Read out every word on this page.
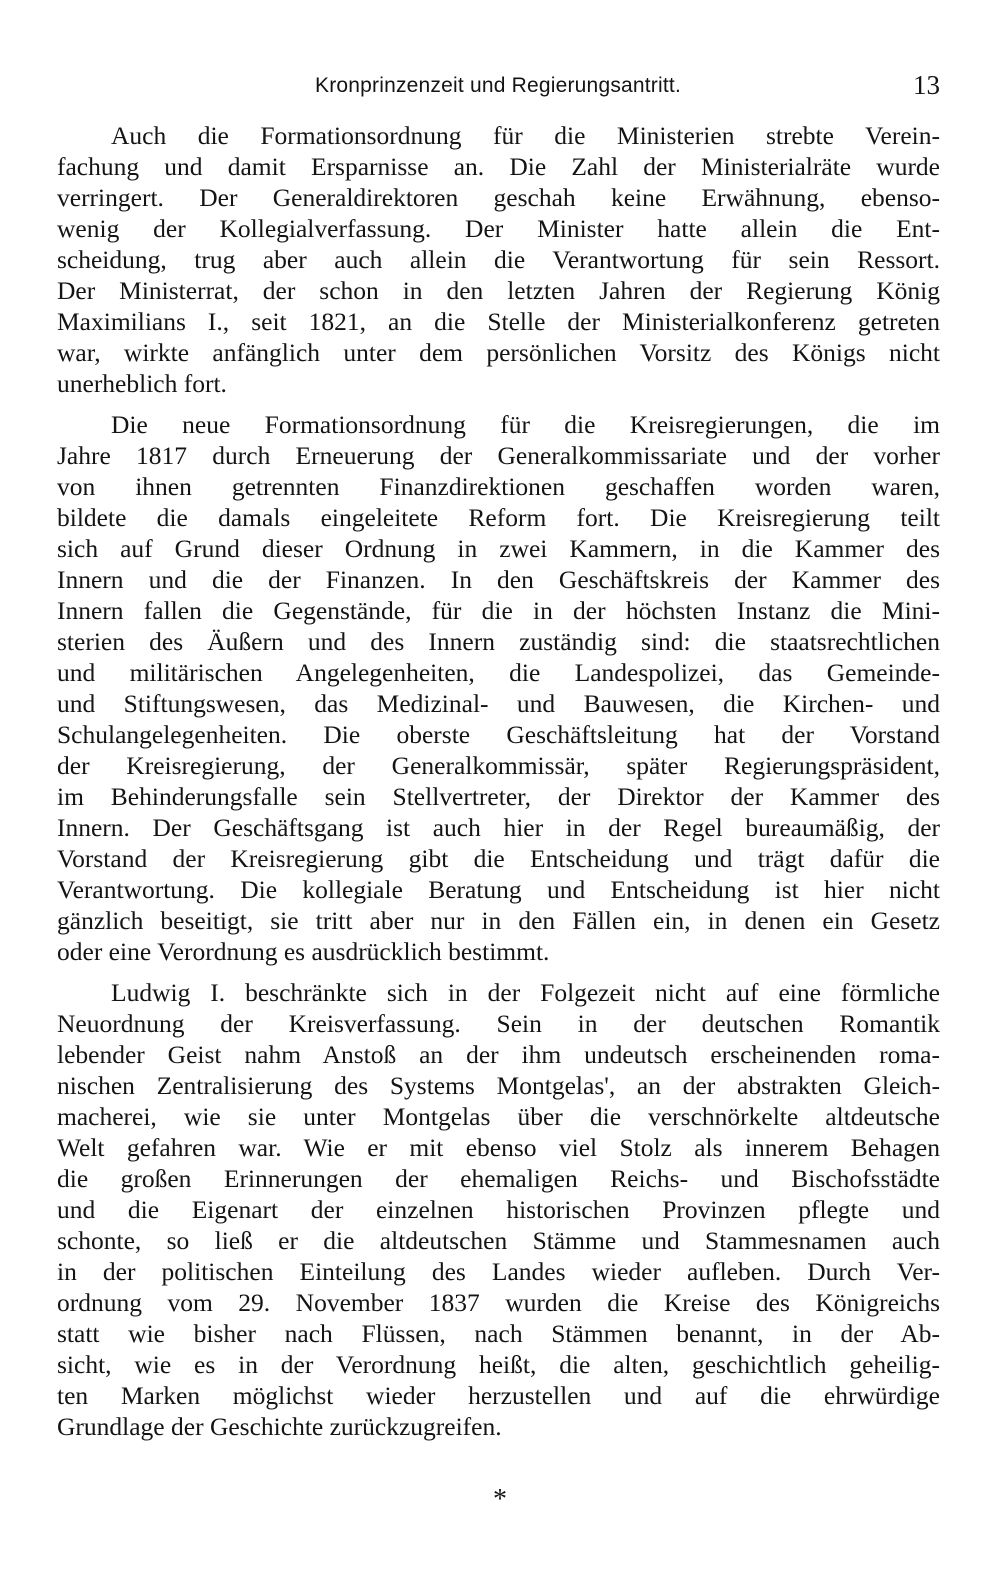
Kronprinzenzeit und Regierungsantritt.	13
Auch die Formationsordnung für die Ministerien strebte Verein-
fachung und damit Ersparnisse an. Die Zahl der Ministerialräte wurde
verringert. Der Generaldirektoren geschah keine Erwähnung, ebenso-
wenig der Kollegialverfassung. Der Minister hatte allein die Ent-
scheidung, trug aber auch allein die Verantwortung für sein Ressort.
Der Ministerrat, der schon in den letzten Jahren der Regierung König
Maximilians I., seit 1821, an die Stelle der Ministerialkonferenz getreten
war, wirkte anfänglich unter dem persönlichen Vorsitz des Königs nicht
unerheblich fort.
Die neue Formationsordnung für die Kreisregierungen, die im
Jahre 1817 durch Erneuerung der Generalkommissariate und der vorher
von ihnen getrennten Finanzdirektionen geschaffen worden waren,
bildete die damals eingeleitete Reform fort. Die Kreisregierung teilt
sich auf Grund dieser Ordnung in zwei Kammern, in die Kammer des
Innern und die der Finanzen. In den Geschäftskreis der Kammer des
Innern fallen die Gegenstände, für die in der höchsten Instanz die Mini-
sterien des Äußern und des Innern zuständig sind: die staatsrechtlichen
und militärischen Angelegenheiten, die Landespolizei, das Gemeinde-
und Stiftungswesen, das Medizinal- und Bauwesen, die Kirchen- und
Schulangelegenheiten. Die oberste Geschäftsleitung hat der Vorstand
der Kreisregierung, der Generalkommissär, später Regierungspräsident,
im Behinderungsfalle sein Stellvertreter, der Direktor der Kammer des
Innern. Der Geschäftsgang ist auch hier in der Regel bureaumäßig, der
Vorstand der Kreisregierung gibt die Entscheidung und trägt dafür die
Verantwortung. Die kollegiale Beratung und Entscheidung ist hier nicht
gänzlich beseitigt, sie tritt aber nur in den Fällen ein, in denen ein Gesetz
oder eine Verordnung es ausdrücklich bestimmt.
Ludwig I. beschränkte sich in der Folgezeit nicht auf eine förmliche
Neuordnung der Kreisverfassung. Sein in der deutschen Romantik
lebender Geist nahm Anstoß an der ihm undeutsch erscheinenden roma-
nischen Zentralisierung des Systems Montgelas', an der abstrakten Gleich-
macherei, wie sie unter Montgelas über die verschnörkelte altdeutsche
Welt gefahren war. Wie er mit ebenso viel Stolz als innerem Behagen
die großen Erinnerungen der ehemaligen Reichs- und Bischofsstädte
und die Eigenart der einzelnen historischen Provinzen pflegte und
schonte, so ließ er die altdeutschen Stämme und Stammesnamen auch
in der politischen Einteilung des Landes wieder aufleben. Durch Ver-
ordnung vom 29. November 1837 wurden die Kreise des Königreichs
statt wie bisher nach Flüssen, nach Stämmen benannt, in der Ab-
sicht, wie es in der Verordnung heißt, die alten, geschichtlich geheilig-
ten Marken möglichst wieder herzustellen und auf die ehrwürdige
Grundlage der Geschichte zurückzugreifen.
*
